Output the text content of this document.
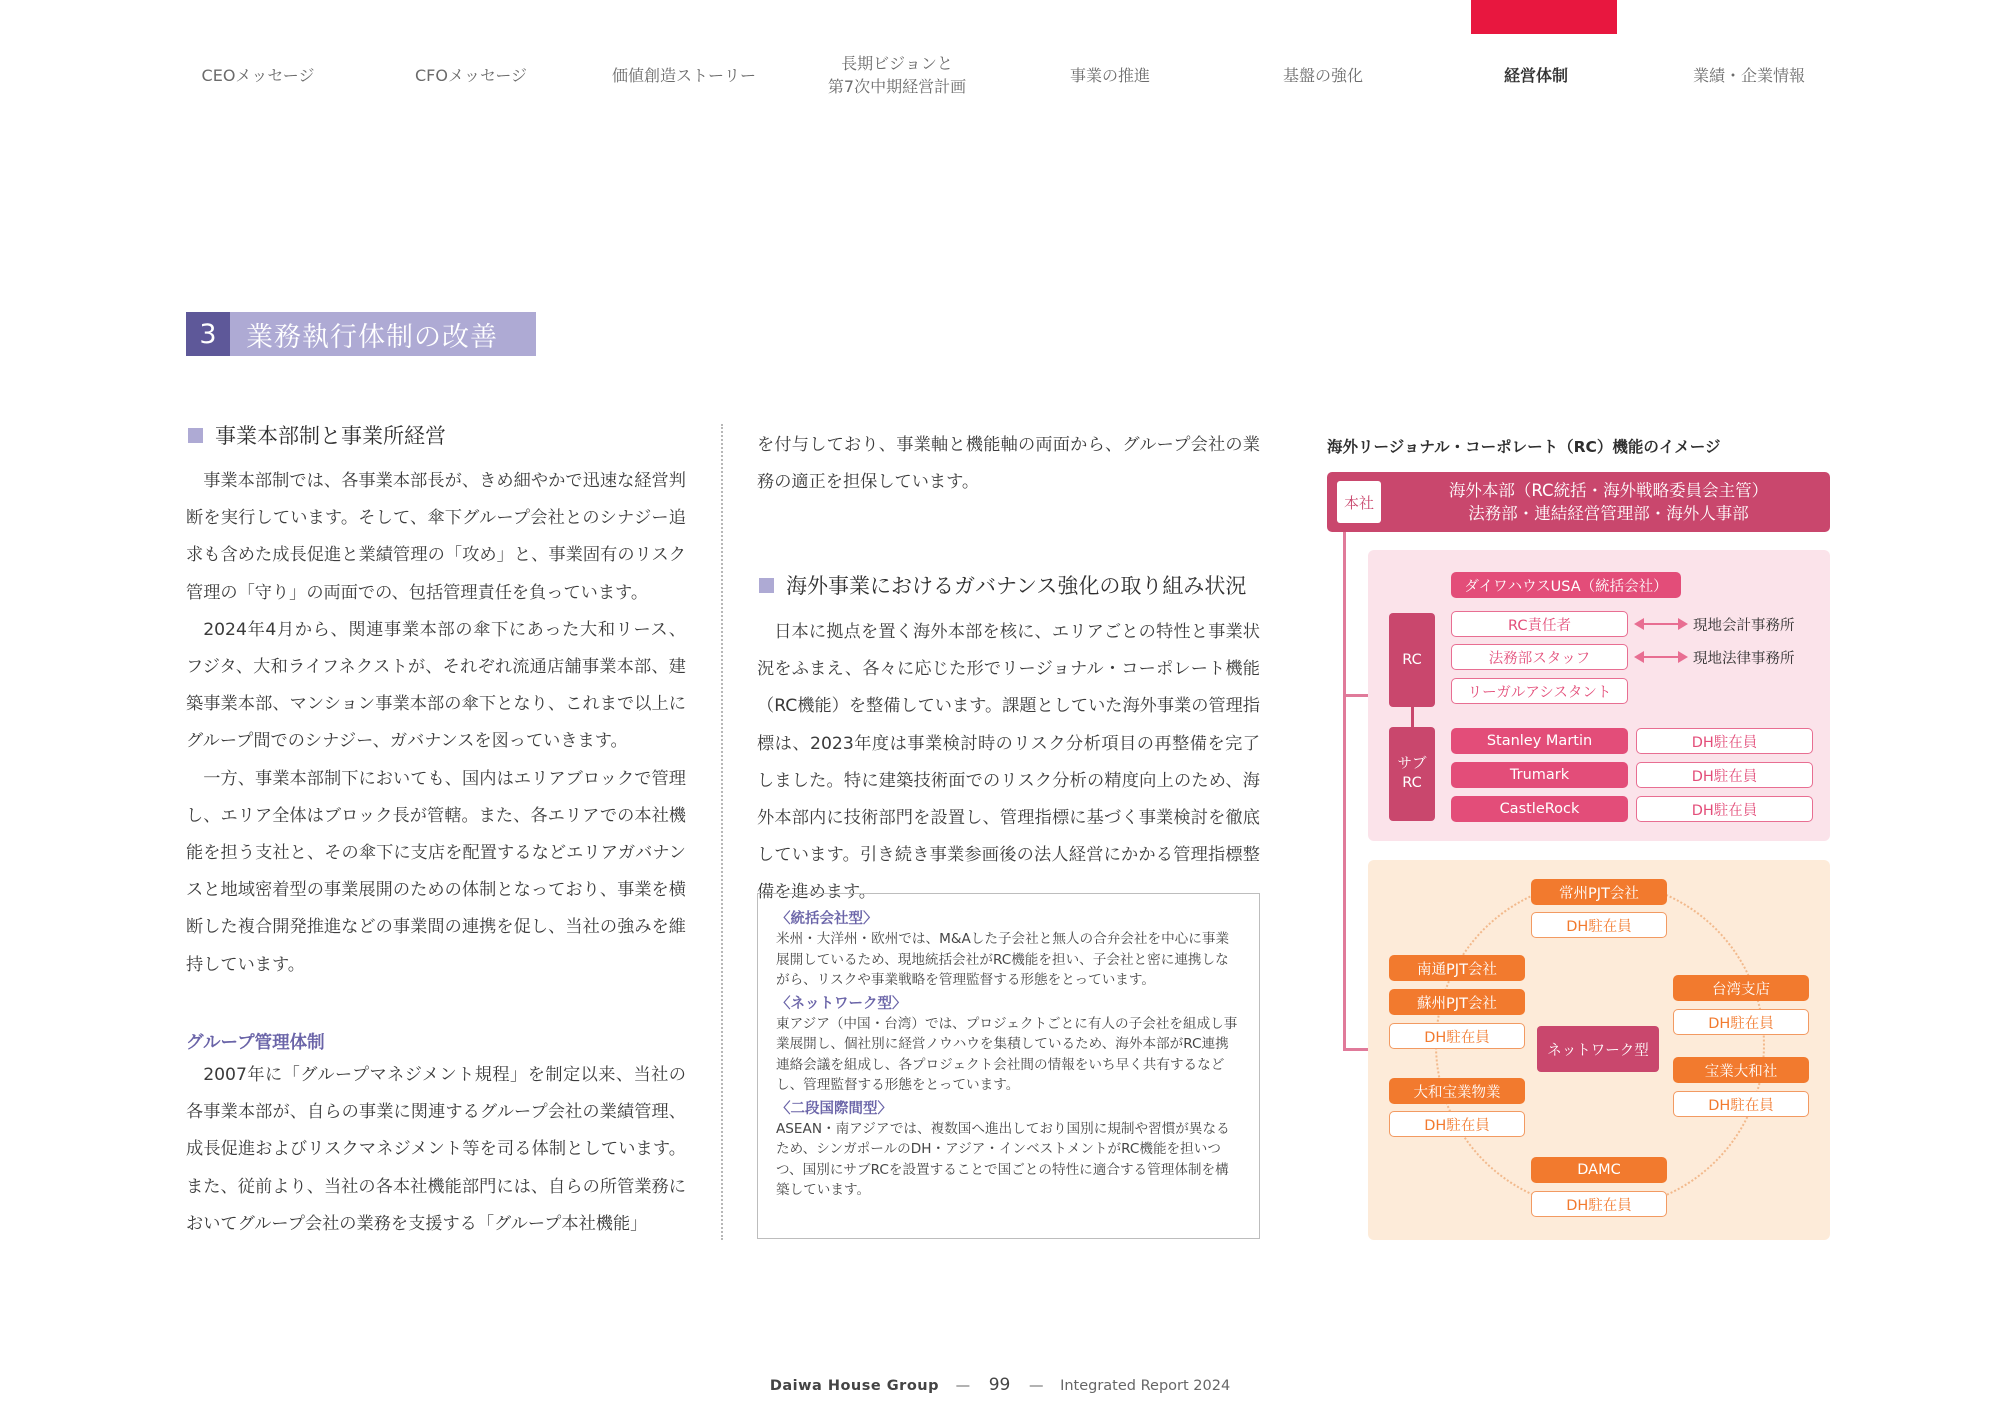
CEOメッセージ	CFOメッセージ	価値創造ストーリー
長期ビジョンと
第7次中期経営計画
事業の推進	基盤の強化	経営体制	業績・企業情報
3	業務執行体制の改善
事業本部制と事業所経営

事業本部制では、各事業本部長が、きめ細やかで迅速な経営判断を実行しています。そして、傘下グループ会社とのシナジー追求も含めた成長促進と業績管理の「攻め」と、事業固有のリスク管理の「守り」の両面での、包括管理責任を負っています。

2024年4月から、関連事業本部の傘下にあった大和リース、フジタ、大和ライフネクストが、それぞれ流通店舗事業本部、建築事業本部、マンション事業本部の傘下となり、これまで以上にグループ間でのシナジー、ガバナンスを図っていきます。

一方、事業本部制下においても、国内はエリアブロックで管理し、エリア全体はブロック長が管轄。また、各エリアでの本社機能を担う支社と、その傘下に支店を配置するなどエリアガバナンスと地域密着型の事業展開のための体制となっており、事業を横断した複合開発推進などの事業間の連携を促し、当社の強みを維持しています。

グループ管理体制

2007年に「グループマネジメント規程」を制定以来、当社の各事業本部が、自らの事業に関連するグループ会社の業績管理、成長促進およびリスクマネジメント等を司る体制としています。また、従前より、当社の各本社機能部門には、自らの所管業務においてグループ会社の業務を支援する「グループ本社機能」

を付与しており、事業軸と機能軸の両面から、グループ会社の業務の適正を担保しています。

海外事業におけるガバナンス強化の取り組み状況

日本に拠点を置く海外本部を核に、エリアごとの特性と事業状況をふまえ、各々に応じた形でリージョナル・コーポレート機能（RC機能）を整備しています。課題としていた海外事業の管理指標は、2023年度は事業検討時のリスク分析項目の再整備を完了しました。特に建築技術面でのリスク分析の精度向上のため、海外本部内に技術部門を設置し、管理指標に基づく事業検討を徹底しています。引き続き事業参画後の法人経営にかかる管理指標整備を進めます。

〈統括会社型〉
米州・大洋州・欧州では、M&Aした子会社と無人の合弁会社を中心に事業展開しているため、現地統括会社がRC機能を担い、子会社と密に連携しながら、リスクや事業戦略を管理監督する形態をとっています。
〈ネットワーク型〉
東アジア（中国・台湾）では、プロジェクトごとに有人の子会社を組成し事業展開し、個社別に経営ノウハウを集積しているため、海外本部がRC連携連絡会議を組成し、各プロジェクト会社間の情報をいち早く共有するなどし、管理監督する形態をとっています。
〈二段国際間型〉
ASEAN・南アジアでは、複数国へ進出しており国別に規制や習慣が異なるため、シンガポールのDH・アジア・インベストメントがRC機能を担いつつ、国別にサブRCを設置することで国ごとの特性に適合する管理体制を構築しています。
海外リージョナル・コーポレート（RC）機能のイメージ
本社
海外本部（RC統括・海外戦略委員会主管）
法務部・連結経営管理部・海外人事部
ダイワハウスUSA（統括会社）
RC
サブ
RC
RC責任者
法務部スタッフ
リーガルアシスタント
現地会計事務所
現地法律事務所
Stanley Martin
Trumark
CastleRock
DH駐在員
DH駐在員
DH駐在員
常州PJT会社
DH駐在員
南通PJT会社
蘇州PJT会社
DH駐在員
大和宝業物業
DH駐在員
ネットワーク型
台湾支店
DH駐在員
宝業大和社
DH駐在員
DAMC
DH駐在員
Daiwa House Group — 99 — Integrated Report 2024
